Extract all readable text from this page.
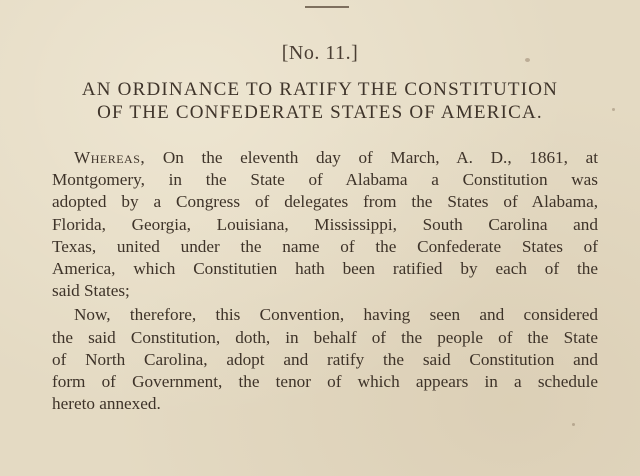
[No. 11.]
AN ORDINANCE TO RATIFY THE CONSTITUTION
OF THE CONFEDERATE STATES OF AMERICA.
Whereas, On the eleventh day of March, A. D., 1861, at
Montgomery, in the State of Alabama a Constitution was
adopted by a Congress of delegates from the States of Alabama,
Florida, Georgia, Louisiana, Mississippi, South Carolina and
Texas, united under the name of the Confederate States of
America, which Constitutien hath been ratified by each of the
said States;
Now, therefore, this Convention, having seen and considered
the said Constitution, doth, in behalf of the people of the State
of North Carolina, adopt and ratify the said Constitution and
form of Government, the tenor of which appears in a schedule
hereto annexed.
